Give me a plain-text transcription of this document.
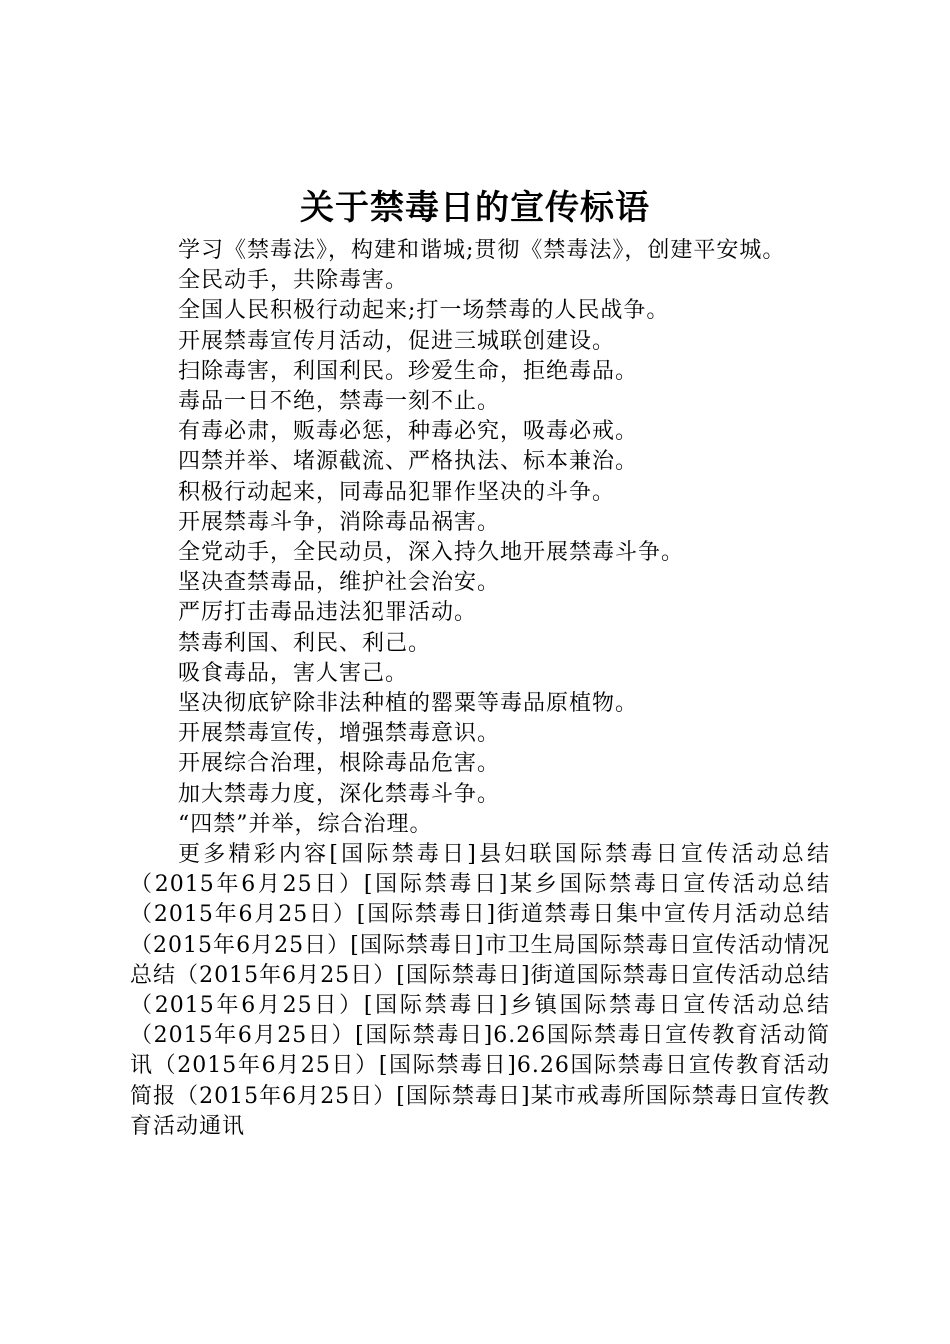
关于禁毒日的宣传标语

学习《禁毒法》，构建和谐城;贯彻《禁毒法》，创建平安城。

全民动手，共除毒害。

全国人民积极行动起来;打一场禁毒的人民战争。

开展禁毒宣传月活动，促进三城联创建设。

扫除毒害，利国利民。珍爱生命，拒绝毒品。

毒品一日不绝，禁毒一刻不止。

有毒必肃，贩毒必惩，种毒必究，吸毒必戒。

四禁并举、堵源截流、严格执法、标本兼治。

积极行动起来，同毒品犯罪作坚决的斗争。

开展禁毒斗争，消除毒品祸害。

全党动手，全民动员，深入持久地开展禁毒斗争。

坚决查禁毒品，维护社会治安。

严厉打击毒品违法犯罪活动。

禁毒利国、利民、利己。

吸食毒品，害人害己。

坚决彻底铲除非法种植的罂粟等毒品原植物。

开展禁毒宣传，增强禁毒意识。

开展综合治理，根除毒品危害。

加大禁毒力度，深化禁毒斗争。

“四禁”并举，综合治理。

更多精彩内容[国际禁毒日]县妇联国际禁毒日宣传活动总结（2015年6月25日）[国际禁毒日]某乡国际禁毒日宣传活动总结（2015年6月25日）[国际禁毒日]街道禁毒日集中宣传月活动总结（2015年6月25日）[国际禁毒日]市卫生局国际禁毒日宣传活动情况总结（2015年6月25日）[国际禁毒日]街道国际禁毒日宣传活动总结（2015年6月25日）[国际禁毒日]乡镇国际禁毒日宣传活动总结（2015年6月25日）[国际禁毒日]6.26国际禁毒日宣传教育活动简讯（2015年6月25日）[国际禁毒日]6.26国际禁毒日宣传教育活动简报（2015年6月25日）[国际禁毒日]某市戒毒所国际禁毒日宣传教育活动通讯
